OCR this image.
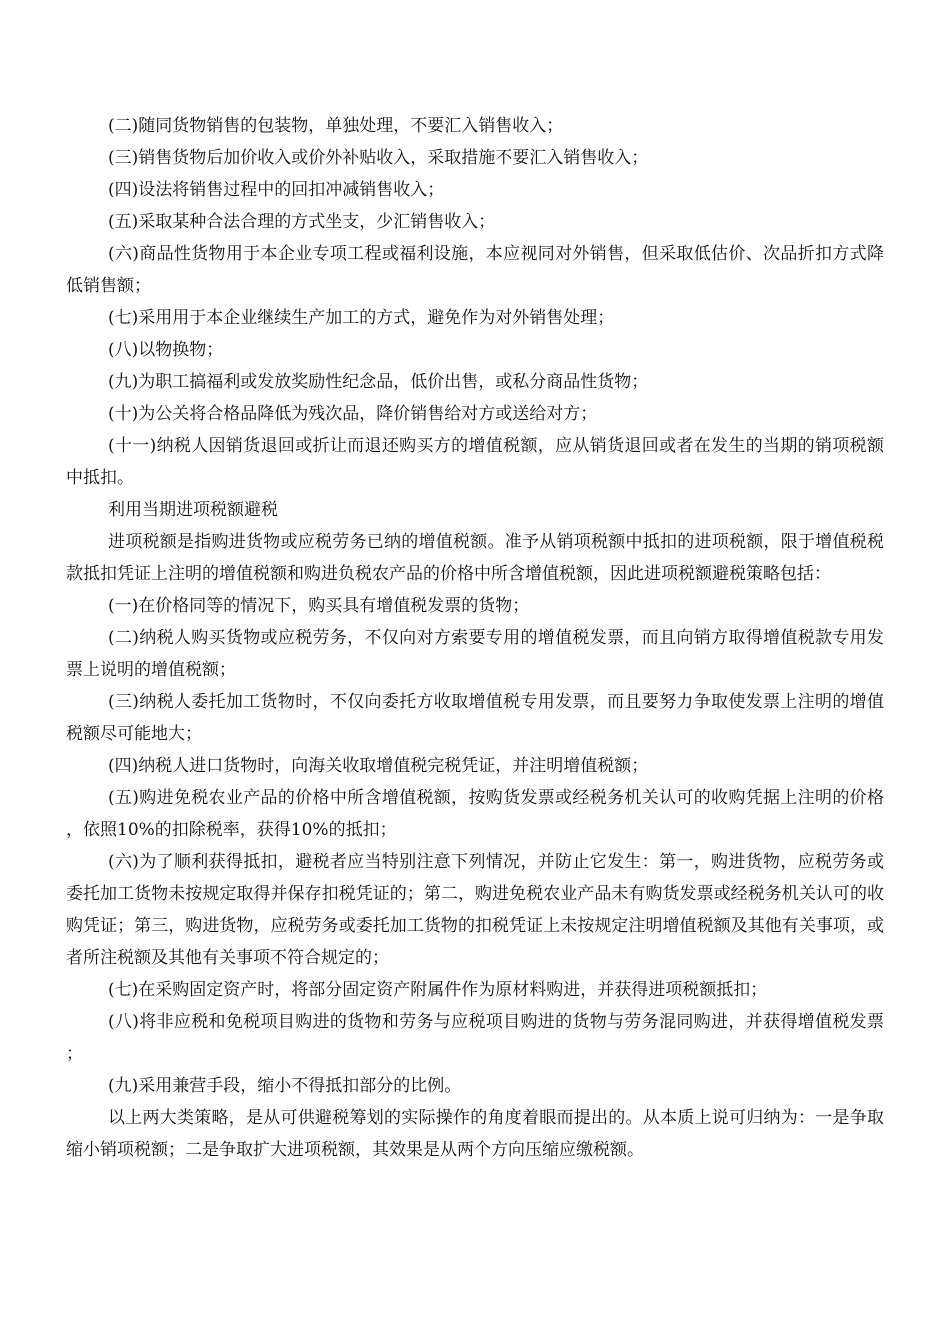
(二)随同货物销售的包装物，单独处理，不要汇入销售收入；

(三)销售货物后加价收入或价外补贴收入，采取措施不要汇入销售收入；

(四)设法将销售过程中的回扣冲减销售收入；

(五)采取某种合法合理的方式坐支，少汇销售收入；

(六)商品性货物用于本企业专项工程或福利设施，本应视同对外销售，但采取低估价、次品折扣方式降低销售额；

(七)采用用于本企业继续生产加工的方式，避免作为对外销售处理；

(八)以物换物；

(九)为职工搞福利或发放奖励性纪念品，低价出售，或私分商品性货物；

(十)为公关将合格品降低为残次品，降价销售给对方或送给对方；

(十一)纳税人因销货退回或折让而退还购买方的增值税额，应从销货退回或者在发生的当期的销项税额中抵扣。

利用当期进项税额避税

进项税额是指购进货物或应税劳务已纳的增值税额。准予从销项税额中抵扣的进项税额，限于增值税税款抵扣凭证上注明的增值税额和购进负税农产品的价格中所含增值税额，因此进项税额避税策略包括：

(一)在价格同等的情况下，购买具有增值税发票的货物；

(二)纳税人购买货物或应税劳务，不仅向对方索要专用的增值税发票，而且向销方取得增值税款专用发票上说明的增值税额；

(三)纳税人委托加工货物时，不仅向委托方收取增值税专用发票，而且要努力争取使发票上注明的增值税额尽可能地大；

(四)纳税人进口货物时，向海关收取增值税完税凭证，并注明增值税额；

(五)购进免税农业产品的价格中所含增值税额，按购货发票或经税务机关认可的收购凭据上注明的价格，依照10%的扣除税率，获得10%的抵扣；

(六)为了顺利获得抵扣，避税者应当特别注意下列情况，并防止它发生：第一，购进货物，应税劳务或委托加工货物未按规定取得并保存扣税凭证的；第二，购进免税农业产品未有购货发票或经税务机关认可的收购凭证；第三，购进货物，应税劳务或委托加工货物的扣税凭证上未按规定注明增值税额及其他有关事项，或者所注税额及其他有关事项不符合规定的；

(七)在采购固定资产时，将部分固定资产附属件作为原材料购进，并获得进项税额抵扣；

(八)将非应税和免税项目购进的货物和劳务与应税项目购进的货物与劳务混同购进，并获得增值税发票；

(九)采用兼营手段，缩小不得抵扣部分的比例。

以上两大类策略，是从可供避税筹划的实际操作的角度着眼而提出的。从本质上说可归纳为：一是争取缩小销项税额；二是争取扩大进项税额，其效果是从两个方向压缩应缴税额。
